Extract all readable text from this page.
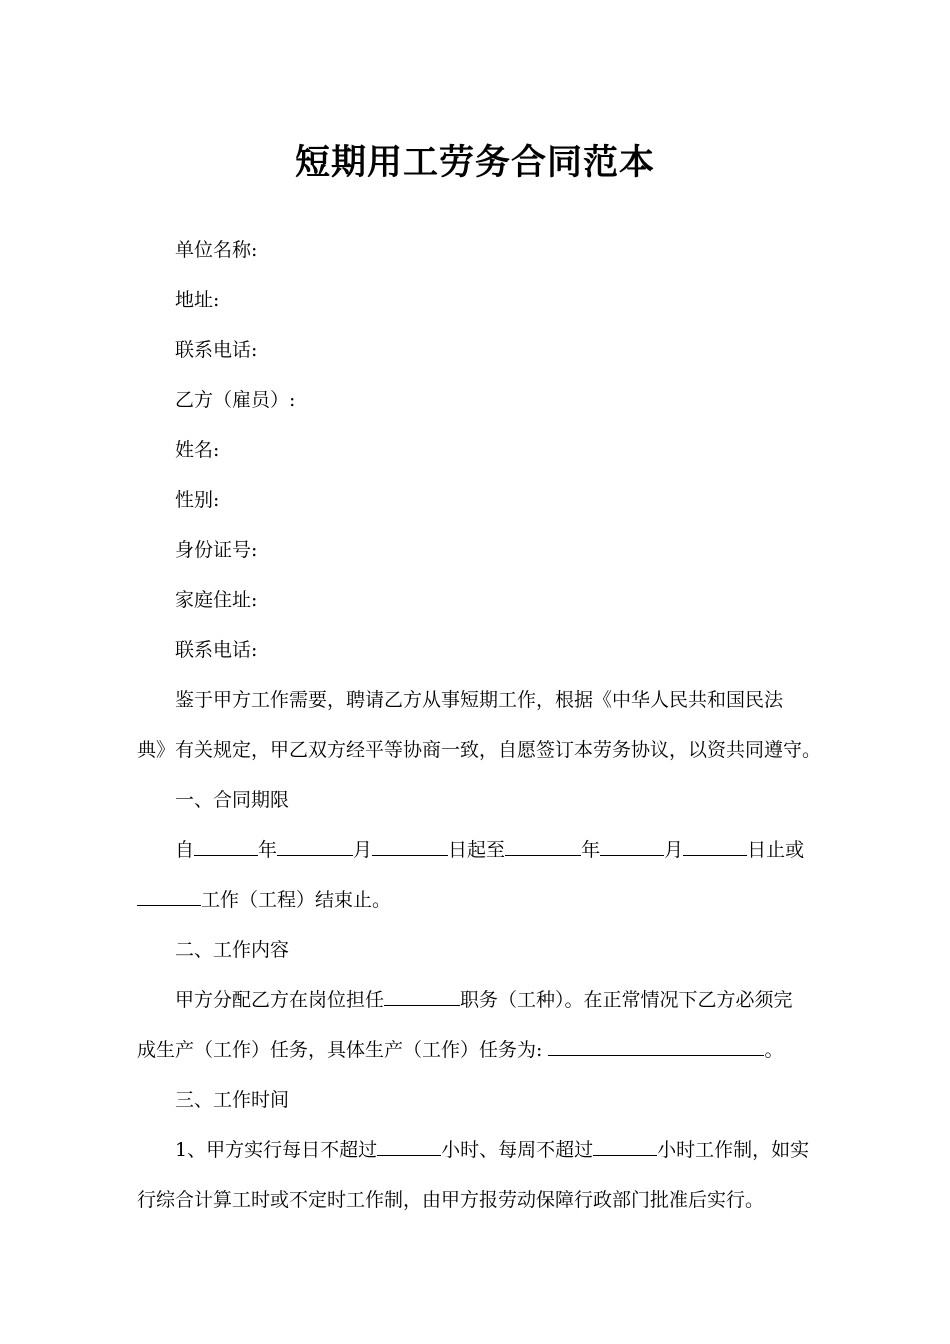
短期用工劳务合同范本

单位名称:

地址:

联系电话:

乙方（雇员）:

姓名:

性别:

身份证号:

家庭住址:

联系电话:

鉴于甲方工作需要，聘请乙方从事短期工作，根据《中华人民共和国民法

典》有关规定，甲乙双方经平等协商一致，自愿签订本劳务协议，以资共同遵守。

一、合同期限

自	年	月	日起至	年	月	日止或

工作（工程）结束止。

二、工作内容

甲方分配乙方在岗位担任	职务（工种）。在正常情况下乙方必须完

成生产（工作）任务，具体生产（工作）任务为:	。

三、工作时间

1、甲方实行每日不超过	小时、每周不超过	小时工作制，如实

行综合计算工时或不定时工作制，由甲方报劳动保障行政部门批准后实行。
